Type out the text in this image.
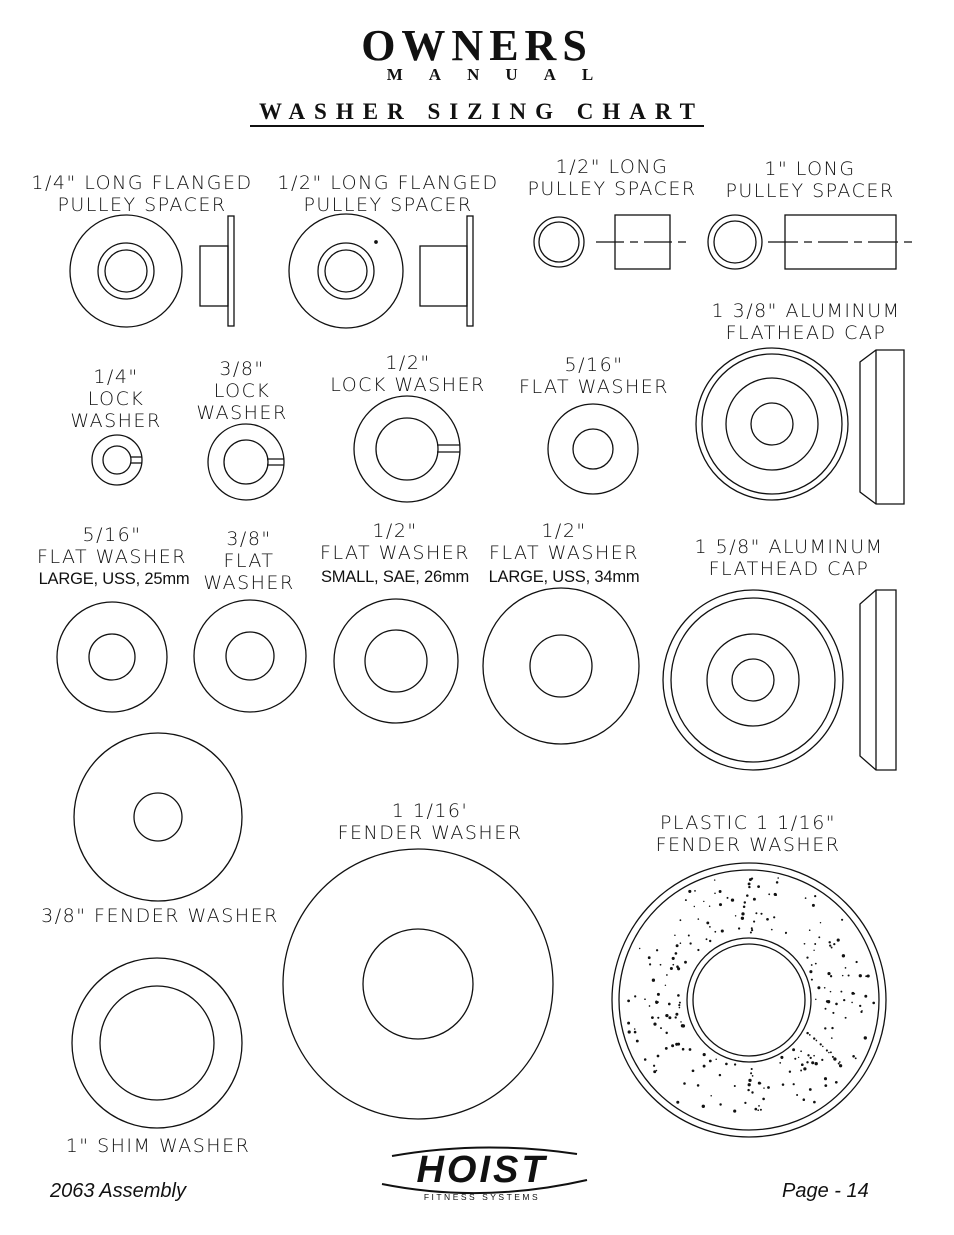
OWNERS
MANUAL
WASHER SIZING CHART
1/4" LONG FLANGED
PULLEY SPACER
1/2" LONG FLANGED
PULLEY SPACER
1/2" LONG
PULLEY SPACER
1" LONG
PULLEY SPACER
1 3/8" ALUMINUM
FLATHEAD CAP
1/4"
LOCK
WASHER
3/8"
LOCK
WASHER
1/2"
LOCK WASHER
5/16"
FLAT WASHER
5/16"
FLAT WASHER
LARGE, USS, 25mm
3/8"
FLAT
WASHER
1/2"
FLAT WASHER
SMALL, SAE, 26mm
1/2"
FLAT WASHER
LARGE, USS, 34mm
1 5/8" ALUMINUM
FLATHEAD CAP
3/8" FENDER WASHER
1 1/16'
FENDER WASHER	PLASTIC 1 1/16"
FENDER WASHER
1" SHIM WASHER
HOIST
FITNESS SYSTEMS
2063 Assembly	Page - 14
